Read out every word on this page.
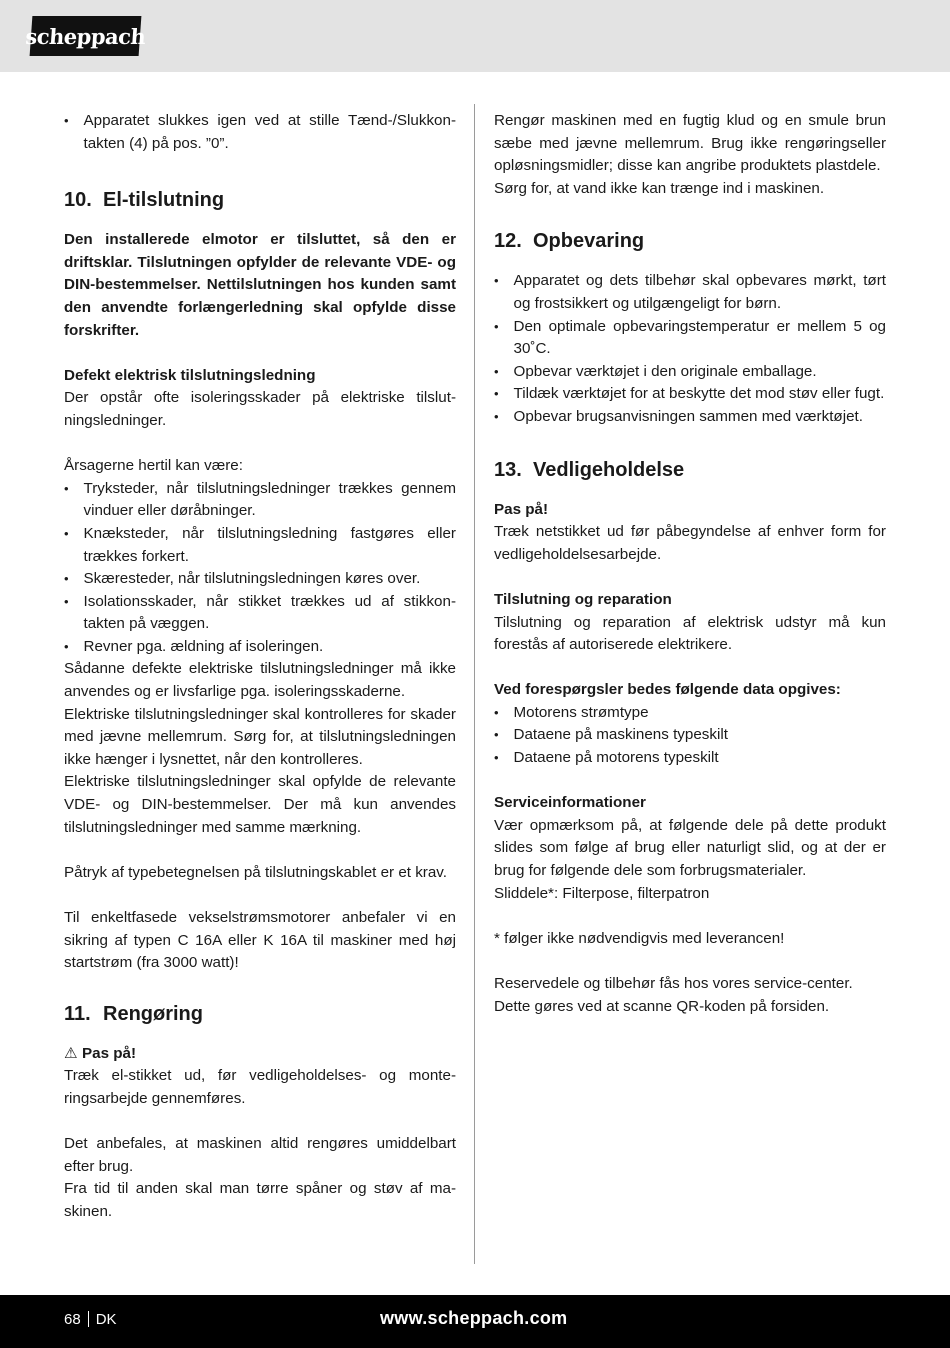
scheppach
• Apparatet slukkes igen ved at stille Tænd-/Slukkontakten (4) på pos. ”0”.
10. El-tilslutning

Den installerede elmotor er tilsluttet, så den er driftsklar. Tilslutningen opfylder de relevante VDE- og DIN-bestemmelser. Nettilslutningen hos kunden samt den anvendte forlængerledning skal opfylde disse forskrifter.

Defekt elektrisk tilslutningsledning

Der opstår ofte isoleringsskader på elektriske tilslutningsledninger.

Årsagerne hertil kan være:

• Tryksteder, når tilslutningsledninger trækkes gennem vinduer eller døråbninger.
• Knæksteder, når tilslutningsledning fastgøres eller trækkes forkert.
• Skæresteder, når tilslutningsledningen køres over.
• Isolationsskader, når stikket trækkes ud af stikkontakten på væggen.
• Revner pga. ældning af isoleringen.

Sådanne defekte elektriske tilslutningsledninger må ikke anvendes og er livsfarlige pga. isoleringsskaderne.

Elektriske tilslutningsledninger skal kontrolleres for skader med jævne mellemrum. Sørg for, at tilslutningsledningen ikke hænger i lysnettet, når den kontrolleres.

Elektriske tilslutningsledninger skal opfylde de relevante VDE- og DIN-bestemmelser. Der må kun anvendes tilslutningsledninger med samme mærkning.

Påtryk af typebetegnelsen på tilslutningskablet er et krav.

Til enkeltfasede vekselstrømsmotorer anbefaler vi en sikring af typen C 16A eller K 16A til maskiner med høj startstrøm (fra 3000 watt)!

11. Rengøring

⚠ Pas på!

Træk el-stikket ud, før vedligeholdelses- og monteringsarbejde gennemføres.

Det anbefales, at maskinen altid rengøres umiddelbart efter brug.

Fra tid til anden skal man tørre spåner og støv af maskinen.

Rengør maskinen med en fugtig klud og en smule brun sæbe med jævne mellemrum. Brug ikke rengøringseller opløsningsmidler; disse kan angribe produktets plastdele.

Sørg for, at vand ikke kan trænge ind i maskinen.

12. Opbevaring
• Apparatet og dets tilbehør skal opbevares mørkt, tørt og frostsikkert og utilgængeligt for børn.
• Den optimale opbevaringstemperatur er mellem 5 og 30˚C.
• Opbevar værktøjet i den originale emballage.
• Tildæk værktøjet for at beskytte det mod støv eller fugt.
• Opbevar brugsanvisningen sammen med værktøjet.
13. Vedligeholdelse

Pas på!

Træk netstikket ud før påbegyndelse af enhver form for vedligeholdelsesarbejde.

Tilslutning og reparation

Tilslutning og reparation af elektrisk udstyr må kun forestås af autoriserede elektrikere.

Ved forespørgsler bedes følgende data opgives:

• Motorens strømtype
• Dataene på maskinens typeskilt
• Dataene på motorens typeskilt

Serviceinformationer

Vær opmærksom på, at følgende dele på dette produkt slides som følge af brug eller naturligt slid, og at der er brug for følgende dele som forbrugsmaterialer.

Sliddele*: Filterpose, filterpatron

* følger ikke nødvendigvis med leverancen!

Reservedele og tilbehør fås hos vores service-center.

Dette gøres ved at scanne QR-koden på forsiden.

68 DK	www.scheppach.com
